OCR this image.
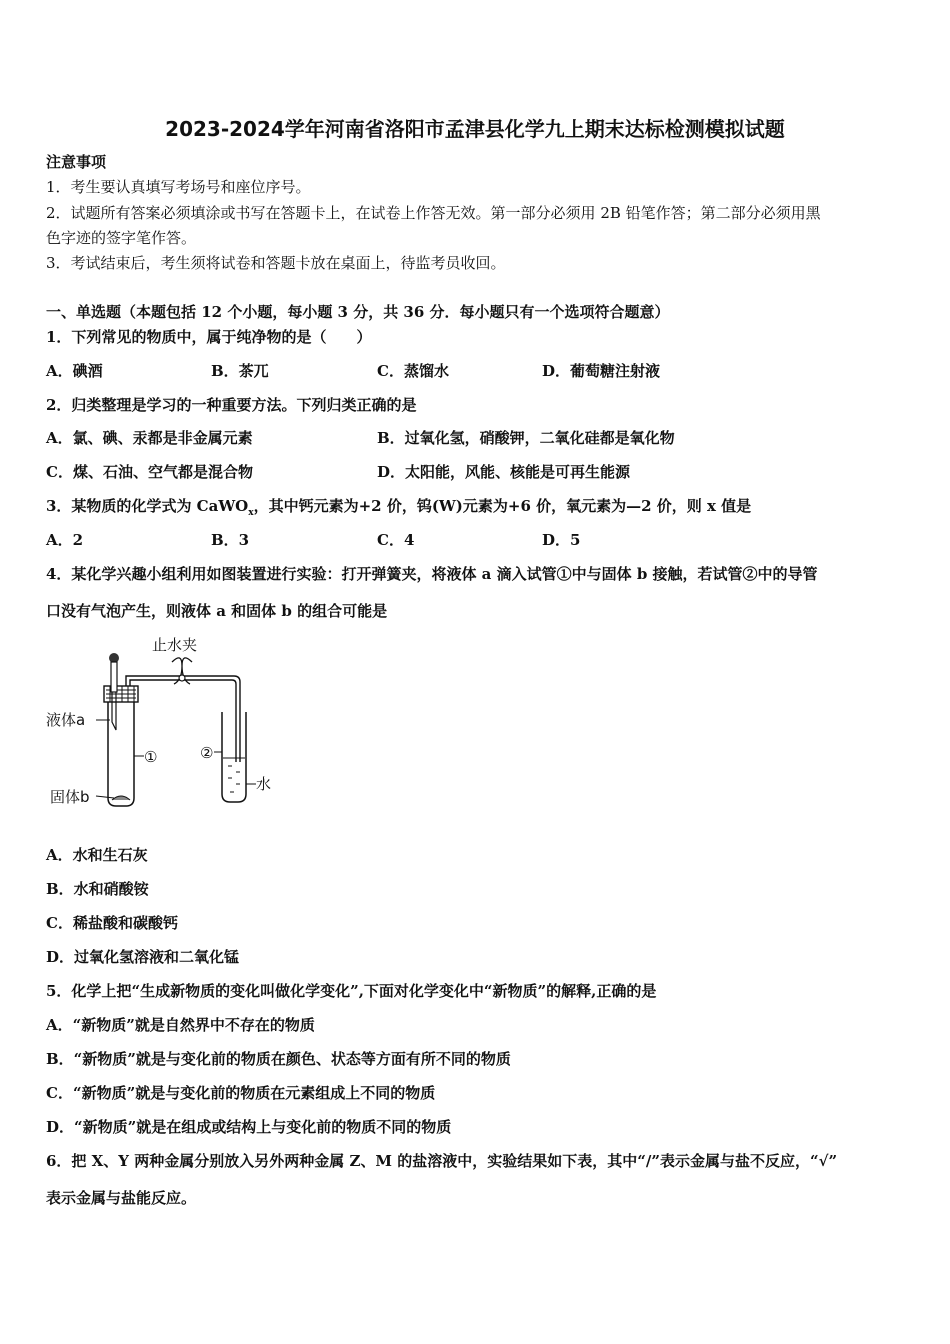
2023-2024学年河南省洛阳市孟津县化学九上期末达标检测模拟试题
注意事项
1．考生要认真填写考场号和座位序号。
2．试题所有答案必须填涂或书写在答题卡上，在试卷上作答无效。第一部分必须用 2B 铅笔作答；第二部分必须用黑
色字迹的签字笔作答。
3．考试结束后，考生须将试卷和答题卡放在桌面上，待监考员收回。
一、单选题（本题包括 12 个小题，每小题 3 分，共 36 分．每小题只有一个选项符合题意）
1．下列常见的物质中，属于纯净物的是（　　）
A．碘酒	B．茶兀	C．蒸馏水	D．葡萄糖注射液
2．归类整理是学习的一种重要方法。下列归类正确的是
A．氯、碘、汞都是非金属元素	B．过氧化氢，硝酸钾，二氧化硅都是氧化物
C．煤、石油、空气都是混合物	D．太阳能，风能、核能是可再生能源
3．某物质的化学式为 CaWO$_x$，其中钙元素为+2 价，钨(W)元素为+6 价，氧元素为—2 价，则 x 值是
A．2	B．3	C．4	D．5
4．某化学兴趣小组利用如图装置进行实验：打开弹簧夹，将液体 a 滴入试管①中与固体 b 接触，若试管②中的导管
口没有气泡产生，则液体 a 和固体 b 的组合可能是
止水夹
液体a
①	②
固体b
水
A．水和生石灰
B．水和硝酸铵
C．稀盐酸和碳酸钙
D．过氧化氢溶液和二氧化锰
5．化学上把“生成新物质的变化叫做化学变化”,下面对化学变化中“新物质”的解释,正确的是
A．“新物质”就是自然界中不存在的物质
B．“新物质”就是与变化前的物质在颜色、状态等方面有所不同的物质
C．“新物质”就是与变化前的物质在元素组成上不同的物质
D．“新物质”就是在组成或结构上与变化前的物质不同的物质
6．把 X、Y 两种金属分别放入另外两种金属 Z、M 的盐溶液中，实验结果如下表，其中“/”表示金属与盐不反应，“√”
表示金属与盐能反应。
